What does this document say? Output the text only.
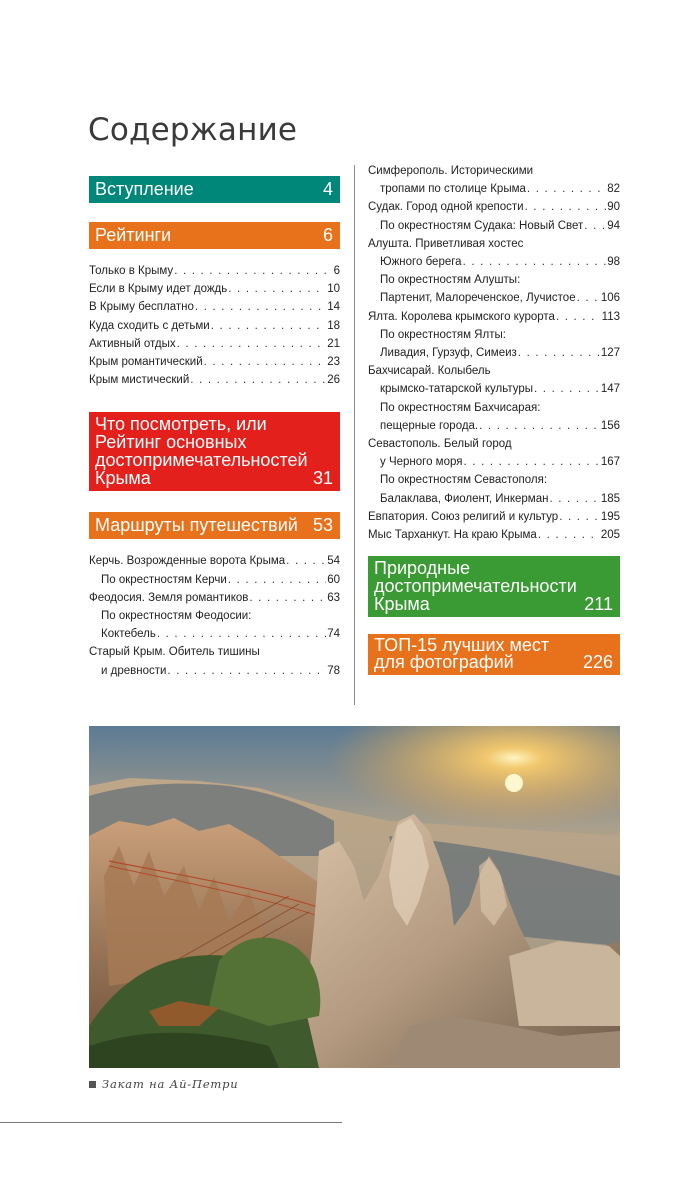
Содержание
Вступление	4
Рейтинги	6
Только в Крыму . . .	6
Если в Крыму идет дождь . . .	10
В Крыму бесплатно . . .	14
Куда сходить с детьми . . .	18
Активный отдых . . .	21
Крым романтический . . .	23
Крым мистический . . .	26
Что посмотреть, или Рейтинг основных достопримечательностей Крыма	31
Маршруты путешествий 53
Керчь. Возрожденные ворота Крыма . . .	54
По окрестностям Керчи . . .	60
Феодосия. Земля романтиков . . .	63
По окрестностям Феодосии:
Коктебель . . .	74
Старый Крым. Обитель тишины
и древности . . .	78
Симферополь. Историческими
тропами по столице Крыма . . .	82
Судак. Город одной крепости . . .	90
По окрестностям Судака: Новый Свет . . . 94
Алушта. Приветливая хостес
Южного берега . . .	98
По окрестностям Алушты:
Партенит, Малореченское, Лучистое . . . 106
Ялта. Королева крымского курорта . . .	113
По окрестностям Ялты:
Ливадия, Гурзуф, Симеиз . . .	127
Бахчисарай. Колыбель
крымско-татарской культуры . . .	147
По окрестностям Бахчисарая:
пещерные города. . . .	156
Севастополь. Белый город
у Черного моря . . .	167
По окрестностям Севастополя:
Балаклава, Фиолент, Инкерман . . .	185
Евпатория. Союз религий и культур . . .	195
Мыс Тарханкут. На краю Крыма . . .	205
Природные достопримечательности Крыма	211
ТОП-15 лучших мест для фотографий	226
Закат на Ай-Петри
